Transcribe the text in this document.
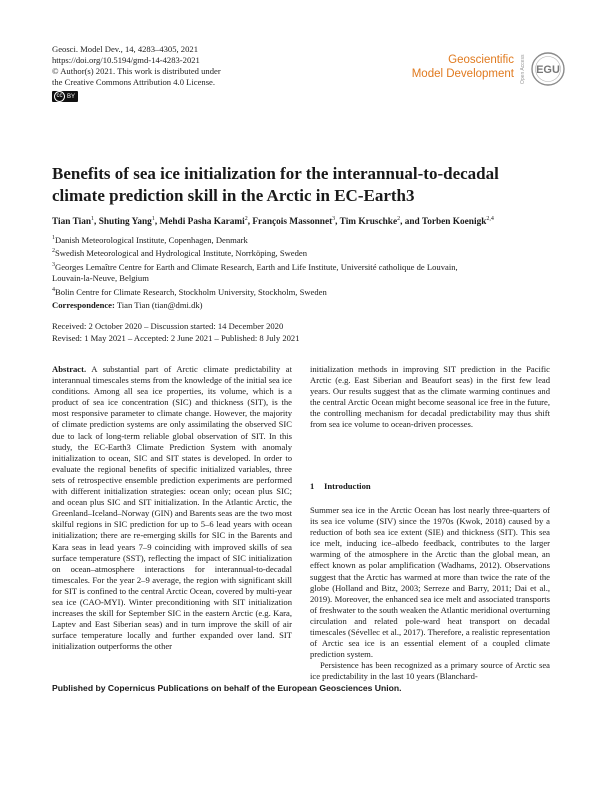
Geosci. Model Dev., 14, 4283–4305, 2021
https://doi.org/10.5194/gmd-14-4283-2021
© Author(s) 2021. This work is distributed under
the Creative Commons Attribution 4.0 License.
cc BY
Geoscientific
Model Development Open Access EGU
Benefits of sea ice initialization for the interannual-to-decadal
climate prediction skill in the Arctic in EC-Earth3
Tian Tian$^1$, Shuting Yang$^1$, Mehdi Pasha Karami$^2$, François Massonnet$^3$, Tim Kruschke$^2$, and Torben Koenigk$^{2,4}$
$^1$Danish Meteorological Institute, Copenhagen, Denmark
$^2$Swedish Meteorological and Hydrological Institute, Norrköping, Sweden
$^3$Georges Lemaître Centre for Earth and Climate Research, Earth and Life Institute, Université catholique de Louvain,
Louvain-la-Neuve, Belgium
$^4$Bolin Centre for Climate Research, Stockholm University, Stockholm, Sweden
Correspondence: Tian Tian (tian@dmi.dk)
Received: 2 October 2020 – Discussion started: 14 December 2020
Revised: 1 May 2021 – Accepted: 2 June 2021 – Published: 8 July 2021
Abstract. A substantial part of Arctic climate predictability at interannual timescales stems from the knowledge of the initial sea ice conditions. Among all sea ice properties, its volume, which is a product of sea ice concentration (SIC) and thickness (SIT), is the most responsive parameter to climate change. However, the majority of climate prediction systems are only assimilating the observed SIC due to lack of long-term reliable global observation of SIT. In this study, the EC-Earth3 Climate Prediction System with anomaly initialization to ocean, SIC and SIT states is developed. In order to evaluate the regional benefits of specific initialized variables, three sets of retrospective ensemble prediction experiments are performed with different initialization strategies: ocean only; ocean plus SIC; and ocean plus SIC and SIT initialization. In the Atlantic Arctic, the Greenland–Iceland–Norway (GIN) and Barents seas are the two most skilful regions in SIC prediction for up to 5–6 lead years with ocean initialization; there are re-emerging skills for SIC in the Barents and Kara seas in lead years 7–9 coinciding with improved skills of sea surface temperature (SST), reflecting the impact of SIC initialization on ocean–atmosphere interactions for interannual-to-decadal timescales. For the year 2–9 average, the region with significant skill for SIT is confined to the central Arctic Ocean, covered by multi-year sea ice (CAO-MYI). Winter preconditioning with SIT initialization increases the skill for September SIC in the eastern Arctic (e.g. Kara, Laptev and East Siberian seas) and in turn improve the skill of air surface temperature locally and further expanded over land. SIT initialization outperforms the other
initialization methods in improving SIT prediction in the Pacific Arctic (e.g. East Siberian and Beaufort seas) in the first few lead years. Our results suggest that as the climate warming continues and the central Arctic Ocean might become seasonal ice free in the future, the controlling mechanism for decadal predictability may thus shift from sea ice volume to ocean-driven processes.
1 Introduction
Summer sea ice in the Arctic Ocean has lost nearly three-quarters of its sea ice volume (SIV) since the 1970s (Kwok, 2018) caused by a reduction of both sea ice extent (SIE) and thickness (SIT). This sea ice melt, inducing ice–albedo feedback, contributes to the larger warming of the atmosphere in the Arctic than the global mean, an effect known as polar amplification (Wadhams, 2012). Observations suggest that the Arctic has warmed at more than twice the rate of the globe (Holland and Bitz, 2003; Serreze and Barry, 2011; Dai et al., 2019). Moreover, the enhanced sea ice melt and associated transports of freshwater to the south weaken the Atlantic meridional overturning circulation and related pole-ward heat transport on decadal timescales (Sévellec et al., 2017). Therefore, a realistic representation of Arctic sea ice is an essential element of a coupled climate prediction system.
Persistence has been recognized as a primary source of Arctic sea ice predictability in the last 10 years (Blanchard-
Published by Copernicus Publications on behalf of the European Geosciences Union.
